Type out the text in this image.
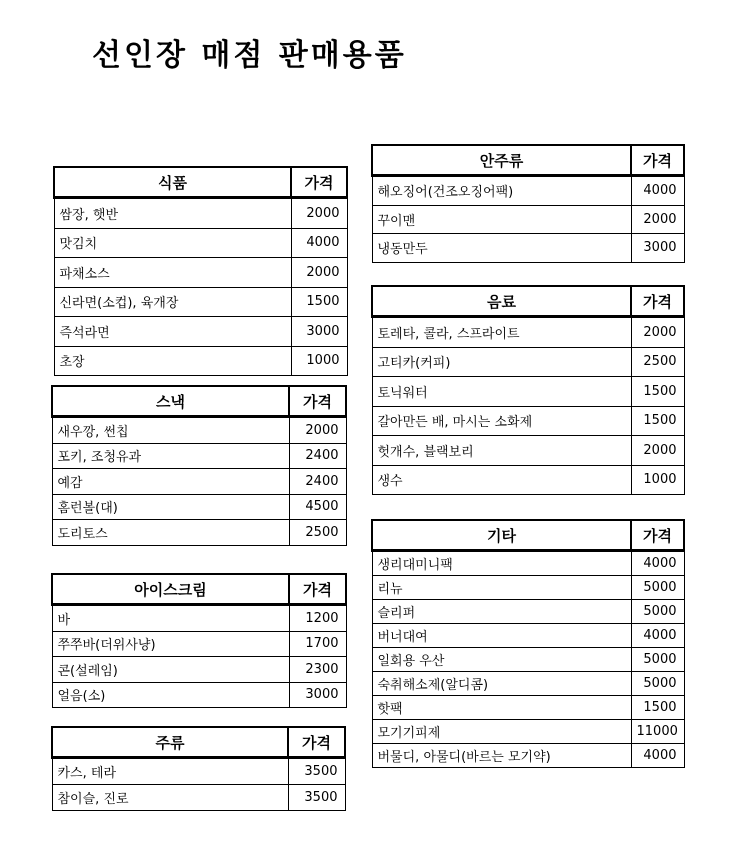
선인장 매점 판매용품
식품	가격
쌈장, 햇반	2000
맛김치	4000
파채소스	2000
신라면(소컵), 육개장	1500
즉석라면	3000
초장	1000
스낵	가격
새우깡, 썬칩	2000
포키, 조청유과	2400
예감	2400
홈런볼(대)	4500
도리토스	2500
아이스크림	가격
바	1200
쭈쭈바(더위사냥)	1700
콘(설레임)	2300
얼음(소)	3000
주류	가격
카스, 테라	3500
참이슬, 진로	3500
안주류	가격
해오징어(건조오징어팩)	4000
꾸이맨	2000
냉동만두	3000
음료	가격
토레타, 콜라, 스프라이트	2000
고티카(커피)	2500
토닉워터	1500
갈아만든 배, 마시는 소화제	1500
헛개수, 블랙보리	2000
생수	1000
기타	가격
생리대미니팩	4000
리뉴	5000
슬리퍼	5000
버너대여	4000
일회용 우산	5000
숙취해소제(알디콤)	5000
핫팩	1500
모기기피제	11000
버물디, 아물디(바르는 모기약)	4000
